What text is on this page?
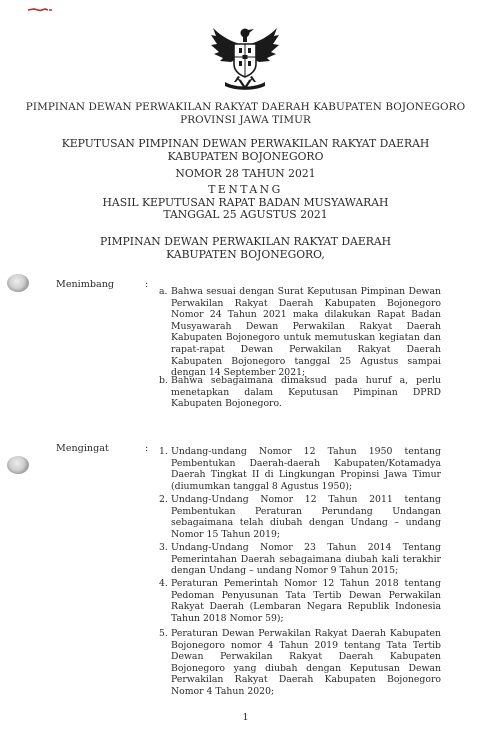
PIMPINAN DEWAN PERWAKILAN RAKYAT DAERAH KABUPATEN BOJONEGORO
PROVINSI JAWA TIMUR
KEPUTUSAN PIMPINAN DEWAN PERWAKILAN RAKYAT DAERAH
KABUPATEN BOJONEGORO
NOMOR 28 TAHUN 2021
TENTANG
HASIL KEPUTUSAN RAPAT BADAN MUSYAWARAH
TANGGAL 25 AGUSTUS 2021
PIMPINAN DEWAN PERWAKILAN RAKYAT DAERAH
KABUPATEN BOJONEGORO,
Menimbang	:
a. Bahwa sesuai dengan Surat Keputusan Pimpinan Dewan Perwakilan Rakyat Daerah Kabupaten Bojonegoro Nomor 24 Tahun 2021 maka dilakukan Rapat Badan Musyawarah Dewan Perwakilan Rakyat Daerah Kabupaten Bojonegoro untuk memutuskan kegiatan dan rapat-rapat Dewan Perwakilan Rakyat Daerah Kabupaten Bojonegoro tanggal 25 Agustus sampai dengan 14 September 2021;
b. Bahwa sebagaimana dimaksud pada huruf a, perlu menetapkan dalam Keputusan Pimpinan DPRD Kabupaten Bojonegoro.
Mengingat	: 1. Undang-undang Nomor 12 Tahun 1950 tentang Pembentukan Daerah-daerah Kabupaten/Kotamadya Daerah Tingkat II di Lingkungan Propinsi Jawa Timur (diumumkan tanggal 8 Agustus 1950);
2. Undang-Undang Nomor 12 Tahun 2011 tentang Pembentukan Peraturan Perundang Undangan sebagaimana telah diubah dengan Undang – undang Nomor 15 Tahun 2019;
3. Undang-Undang Nomor 23 Tahun 2014 Tentang Pemerintahan Daerah sebagaimana diubah kali terakhir dengan Undang – undang Nomor 9 Tahun 2015;
4. Peraturan Pemerintah Nomor 12 Tahun 2018 tentang Pedoman Penyusunan Tata Tertib Dewan Perwakilan Rakyat Daerah (Lembaran Negara Republik Indonesia Tahun 2018 Nomor 59);
5. Peraturan Dewan Perwakilan Rakyat Daerah Kabupaten Bojonegoro nomor 4 Tahun 2019 tentang Tata Tertib Dewan Perwakilan Rakyat Daerah Kabupaten Bojonegoro yang diubah dengan Keputusan Dewan Perwakilan Rakyat Daerah Kabupaten Bojonegoro Nomor 4 Tahun 2020;
1
